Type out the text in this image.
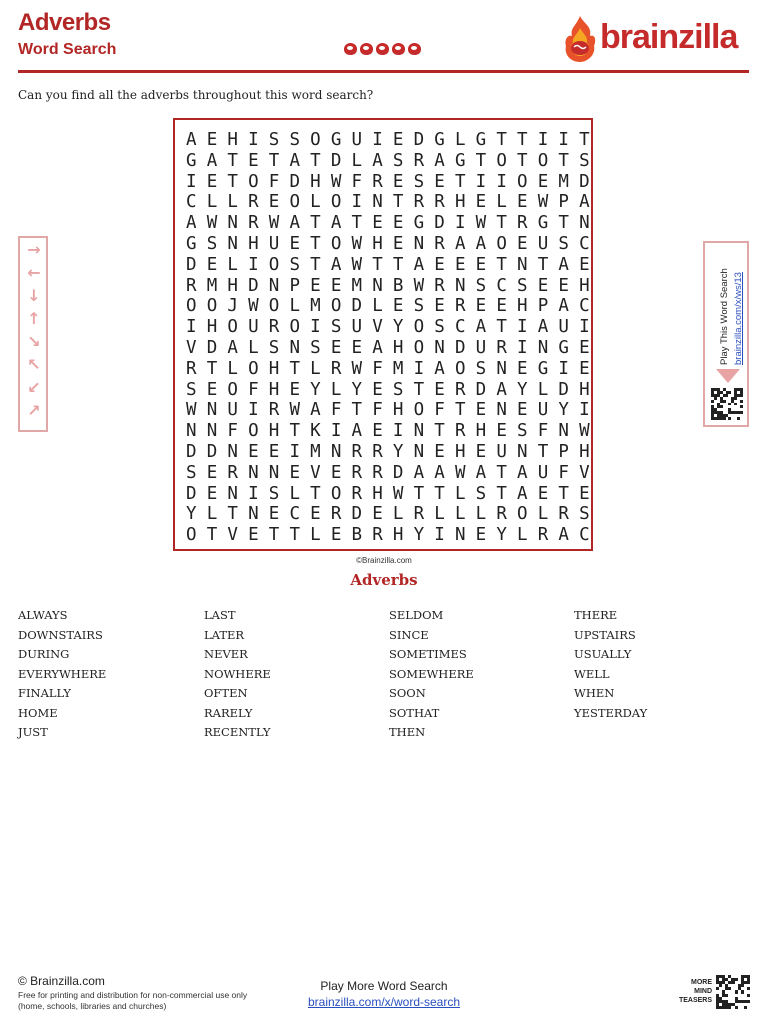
Adverbs
Word Search	brainzilla
Can you find all the adverbs throughout this word search?
A E H I S S O G U I E D G L G T T I I T
G A T E T A T D L A S R A G T O T O T S
I E T O F D H W F R E S E T I I O E M D
C L L R E O L O I N T R R H E L E W P A
A W N R W A T A T E E G D I W T R G T N
G S N H U E T O W H E N R A A O E U S C
D E L I O S T A W T T A E E E T N T A E
R M H D N P E E M N B W R N S C S E E H
O O J W O L M O D L E S E R E E H P A C
I H O U R O I S U V Y O S C A T I A U I
V D A L S N S E E A H O N D U R I N G E
R T L O H T L R W F M I A O S N E G I E
S E O F H E Y L Y E S T E R D A Y L D H
W N U I R W A F T F H O F T E N E U Y I
N N F O H T K I A E I N T R H E S F N W
D D N E E I M N R R Y N E H E U N T P H
S E R N N E V E R R D A A W A T A U F V
D E N I S L T O R H W T T L S T A E T E
Y L T N E C E R D E L R L L L R O L R S
O T V E T T L E B R H Y I N E Y L R A C
©Brainzilla.com
Adverbs
ALWAYS
DOWNSTAIRS
DURING
EVERYWHERE
FINALLY
HOME
JUST
LAST
LATER
NEVER
NOWHERE
OFTEN
RARELY
RECENTLY
SELDOM
SINCE
SOMETIMES
SOMEWHERE
SOON
SOTHAT
THEN
THERE
UPSTAIRS
USUALLY
WELL
WHEN
YESTERDAY
→
←
↓
↑
↘
↖
↙
↗
Play This Word Search brainzilla.com/x/ws/13
© Brainzilla.com
Free for printing and distribution for non-commercial use only (home, schools, libraries and churches)
Play More Word Search
brainzilla.com/x/word-search
MORE
MIND
TEASERS
